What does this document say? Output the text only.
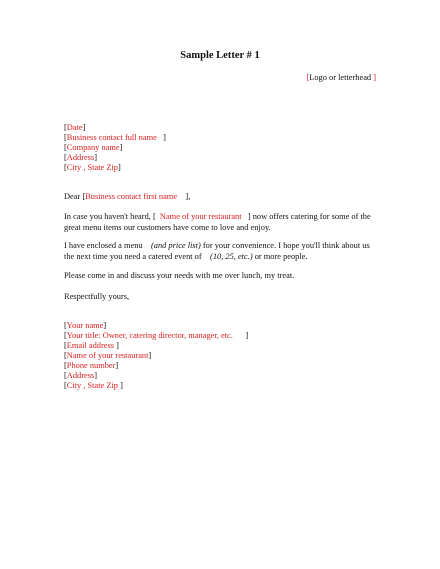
Sample Letter # 1
[Logo or letterhead ]
[Date]
[Business contact full name ]
[Company name]
[Address]
[City , State Zip]
Dear [Business contact first name ],
In case you haven't heard, [ Name of your restaurant ] now offers catering for some of the
great menu items our customers have come to love and enjoy.
I have enclosed a menu (and price list) for your convenience. I hope you'll think about us
the next time you need a catered event of (10, 25, etc.) or more people.
Please come in and discuss your needs with me over lunch, my treat.
Respectfully yours,
[Your name]
[Your title: Owner, catering director, manager, etc. ]
[Email address ]
[Name of your restaurant]
[Phone number]
[Address]
[City , State Zip ]
